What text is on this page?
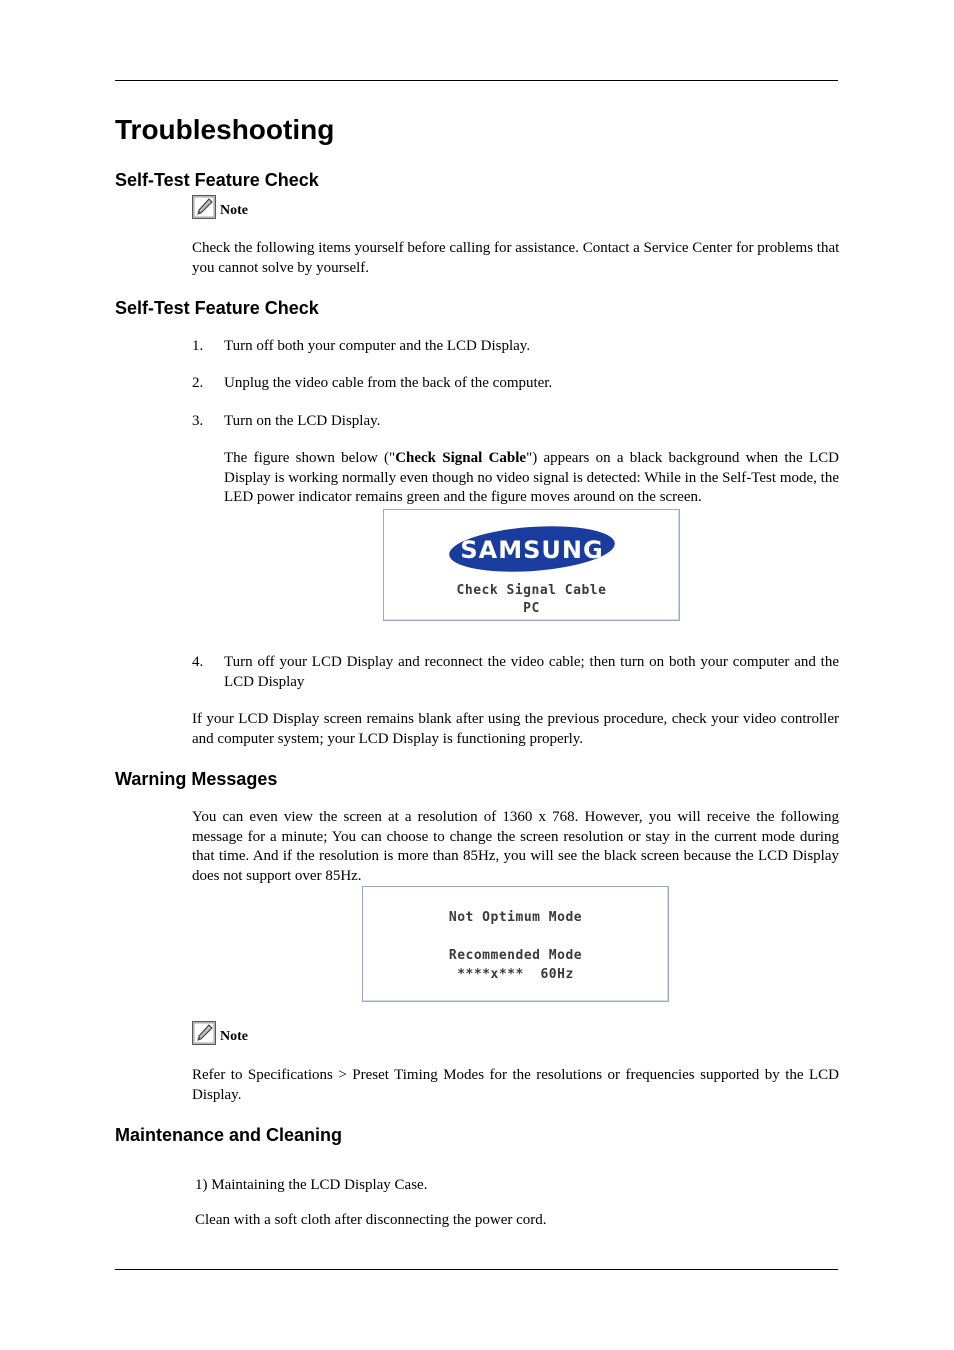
Troubleshooting
Self-Test Feature Check
Note

Check the following items yourself before calling for assistance. Contact a Service Center for problems that you cannot solve by yourself.

Self-Test Feature Check
1. Turn off both your computer and the LCD Display.

2. Unplug the video cable from the back of the computer.

3. Turn on the LCD Display.

The figure shown below ("Check Signal Cable") appears on a black background when the LCD Display is working normally even though no video signal is detected: While in the Self-Test mode, the LED power indicator remains green and the figure moves around on the screen.

SAMSUNG
Check Signal Cable
PC
4. Turn off your LCD Display and reconnect the video cable; then turn on both your computer and the LCD Display

If your LCD Display screen remains blank after using the previous procedure, check your video controller and computer system; your LCD Display is functioning properly.

Warning Messages

You can even view the screen at a resolution of 1360 x 768. However, you will receive the following message for a minute; You can choose to change the screen resolution or stay in the current mode during that time. And if the resolution is more than 85Hz, you will see the black screen because the LCD Display does not support over 85Hz.

Not Optimum Mode
Recommended Mode
****x***  60Hz
Note

Refer to Specifications > Preset Timing Modes for the resolutions or frequencies supported by the LCD Display.

Maintenance and Cleaning

1) Maintaining the LCD Display Case.

Clean with a soft cloth after disconnecting the power cord.
